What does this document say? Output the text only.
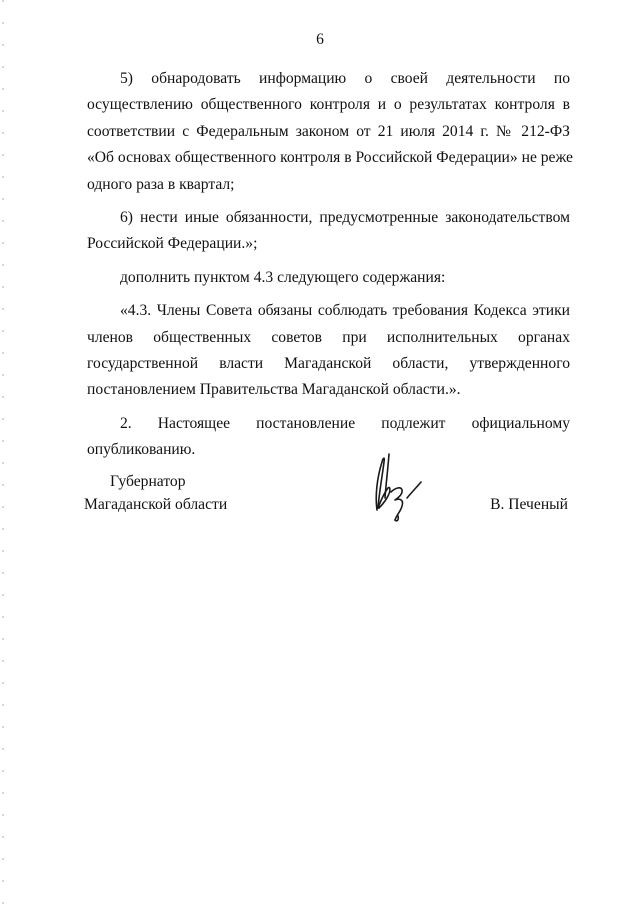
6
5) обнародовать информацию о своей деятельности по
осуществлению общественного контроля и о результатах контроля в
соответствии с Федеральным законом от 21 июля 2014 г. № 212-ФЗ
«Об основах общественного контроля в Российской Федерации» не реже
одного раза в квартал;
6) нести иные обязанности, предусмотренные законодательством
Российской Федерации.»;
дополнить пунктом 4.3 следующего содержания:
«4.3. Члены Совета обязаны соблюдать требования Кодекса этики
членов общественных советов при исполнительных органах
государственной власти Магаданской области, утвержденного
постановлением Правительства Магаданской области.».
2. Настоящее постановление подлежит официальному
опубликованию.
Губернатор
Магаданской области	В. Печеный
